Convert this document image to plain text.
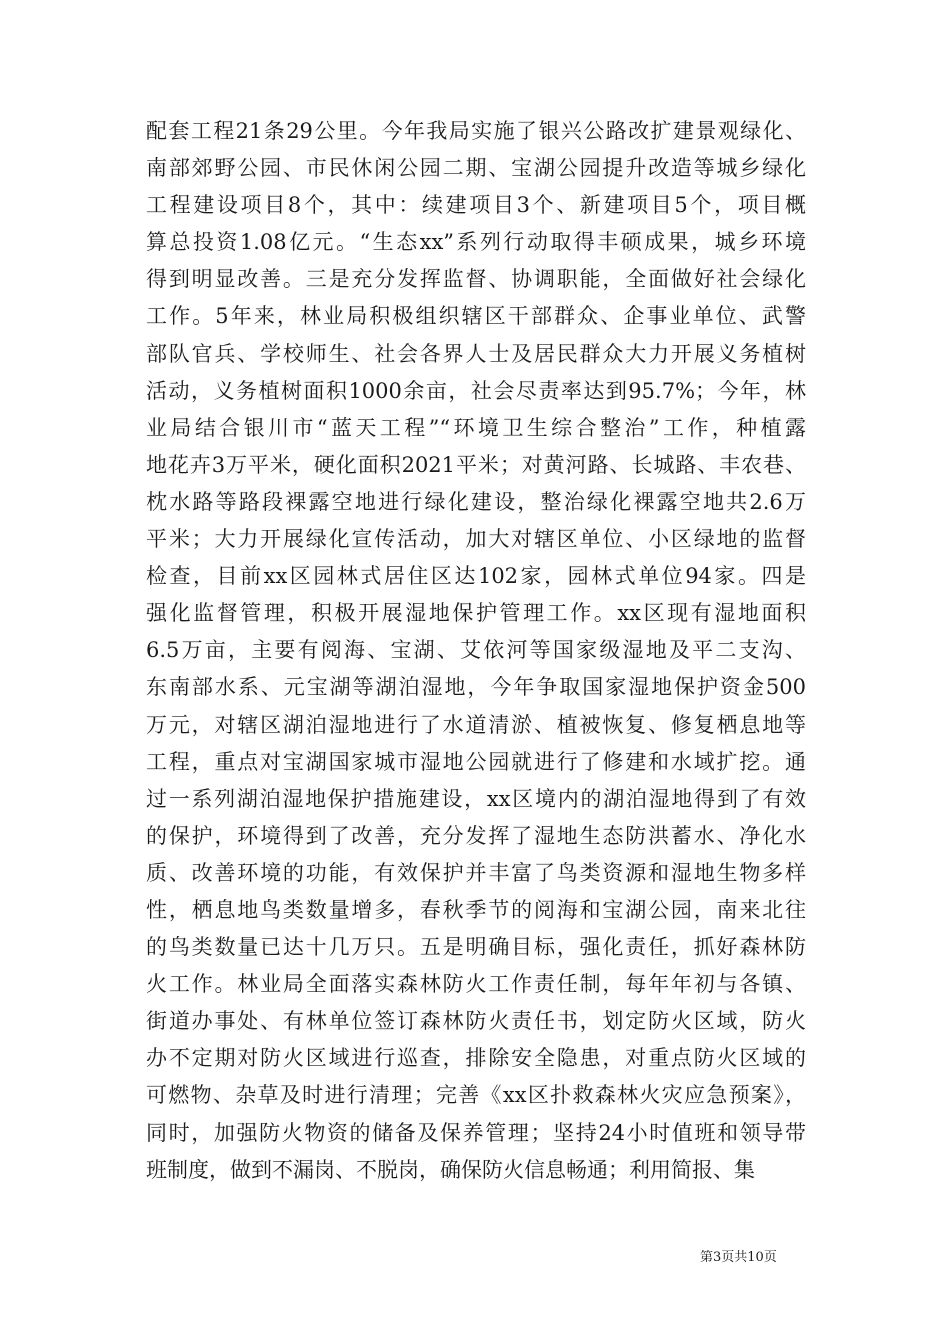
配套工程21条29公里。今年我局实施了银兴公路改扩建景观绿化、
南部郊野公园、市民休闲公园二期、宝湖公园提升改造等城乡绿化
工程建设项目8个，其中：续建项目3个、新建项目5个，项目概
算总投资1.08亿元。“生态xx”系列行动取得丰硕成果，城乡环境
得到明显改善。三是充分发挥监督、协调职能，全面做好社会绿化
工作。5年来，林业局积极组织辖区干部群众、企事业单位、武警
部队官兵、学校师生、社会各界人士及居民群众大力开展义务植树
活动，义务植树面积1000余亩，社会尽责率达到95.7%；今年，林
业局结合银川市“蓝天工程”“环境卫生综合整治”工作，种植露
地花卉3万平米，硬化面积2021平米；对黄河路、长城路、丰农巷、
枕水路等路段裸露空地进行绿化建设，整治绿化裸露空地共2.6万
平米；大力开展绿化宣传活动，加大对辖区单位、小区绿地的监督
检查，目前xx区园林式居住区达102家，园林式单位94家。四是
强化监督管理，积极开展湿地保护管理工作。xx区现有湿地面积
6.5万亩，主要有阅海、宝湖、艾依河等国家级湿地及平二支沟、
东南部水系、元宝湖等湖泊湿地，今年争取国家湿地保护资金500
万元，对辖区湖泊湿地进行了水道清淤、植被恢复、修复栖息地等
工程，重点对宝湖国家城市湿地公园就进行了修建和水域扩挖。通
过一系列湖泊湿地保护措施建设，xx区境内的湖泊湿地得到了有效
的保护，环境得到了改善，充分发挥了湿地生态防洪蓄水、净化水
质、改善环境的功能，有效保护并丰富了鸟类资源和湿地生物多样
性，栖息地鸟类数量增多，春秋季节的阅海和宝湖公园，南来北往
的鸟类数量已达十几万只。五是明确目标，强化责任，抓好森林防
火工作。林业局全面落实森林防火工作责任制，每年年初与各镇、
街道办事处、有林单位签订森林防火责任书，划定防火区域，防火
办不定期对防火区域进行巡查，排除安全隐患，对重点防火区域的
可燃物、杂草及时进行清理；完善《xx区扑救森林火灾应急预案》，
同时，加强防火物资的储备及保养管理；坚持24小时值班和领导带
班制度，做到不漏岗、不脱岗，确保防火信息畅通；利用简报、集
第3页共10页
